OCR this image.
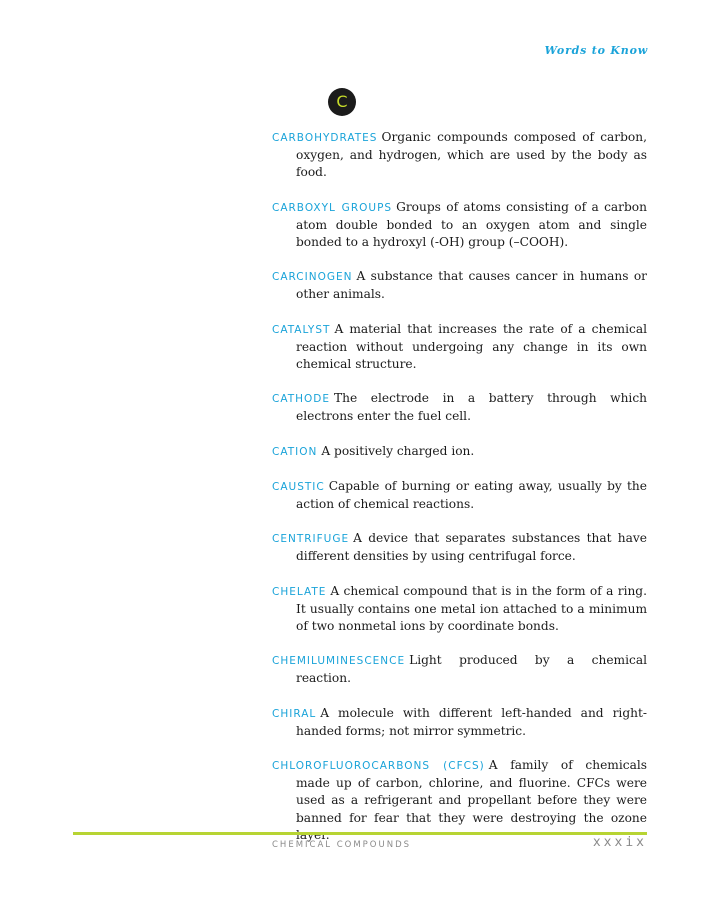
Words to Know
C

CARBOHYDRATES Organic compounds composed of carbon, oxygen, and hydrogen, which are used by the body as food.

CARBOXYL GROUPS Groups of atoms consisting of a carbon atom double bonded to an oxygen atom and single bonded to a hydroxyl (-OH) group (–COOH).

CARCINOGEN A substance that causes cancer in humans or other animals.

CATALYST A material that increases the rate of a chemical reaction without undergoing any change in its own chemical structure.

CATHODE The electrode in a battery through which electrons enter the fuel cell.

CATION A positively charged ion.

CAUSTIC Capable of burning or eating away, usually by the action of chemical reactions.

CENTRIFUGE A device that separates substances that have different densities by using centrifugal force.

CHELATE A chemical compound that is in the form of a ring. It usually contains one metal ion attached to a minimum of two nonmetal ions by coordinate bonds.

CHEMILUMINESCENCE Light produced by a chemical reaction.

CHIRAL A molecule with different left-handed and right-handed forms; not mirror symmetric.

CHLOROFLUOROCARBONS (CFCS) A family of chemicals made up of carbon, chlorine, and fluorine. CFCs were used as a refrigerant and propellant before they were banned for fear that they were destroying the ozone

CHEMICAL COMPOUNDS	xxxix
